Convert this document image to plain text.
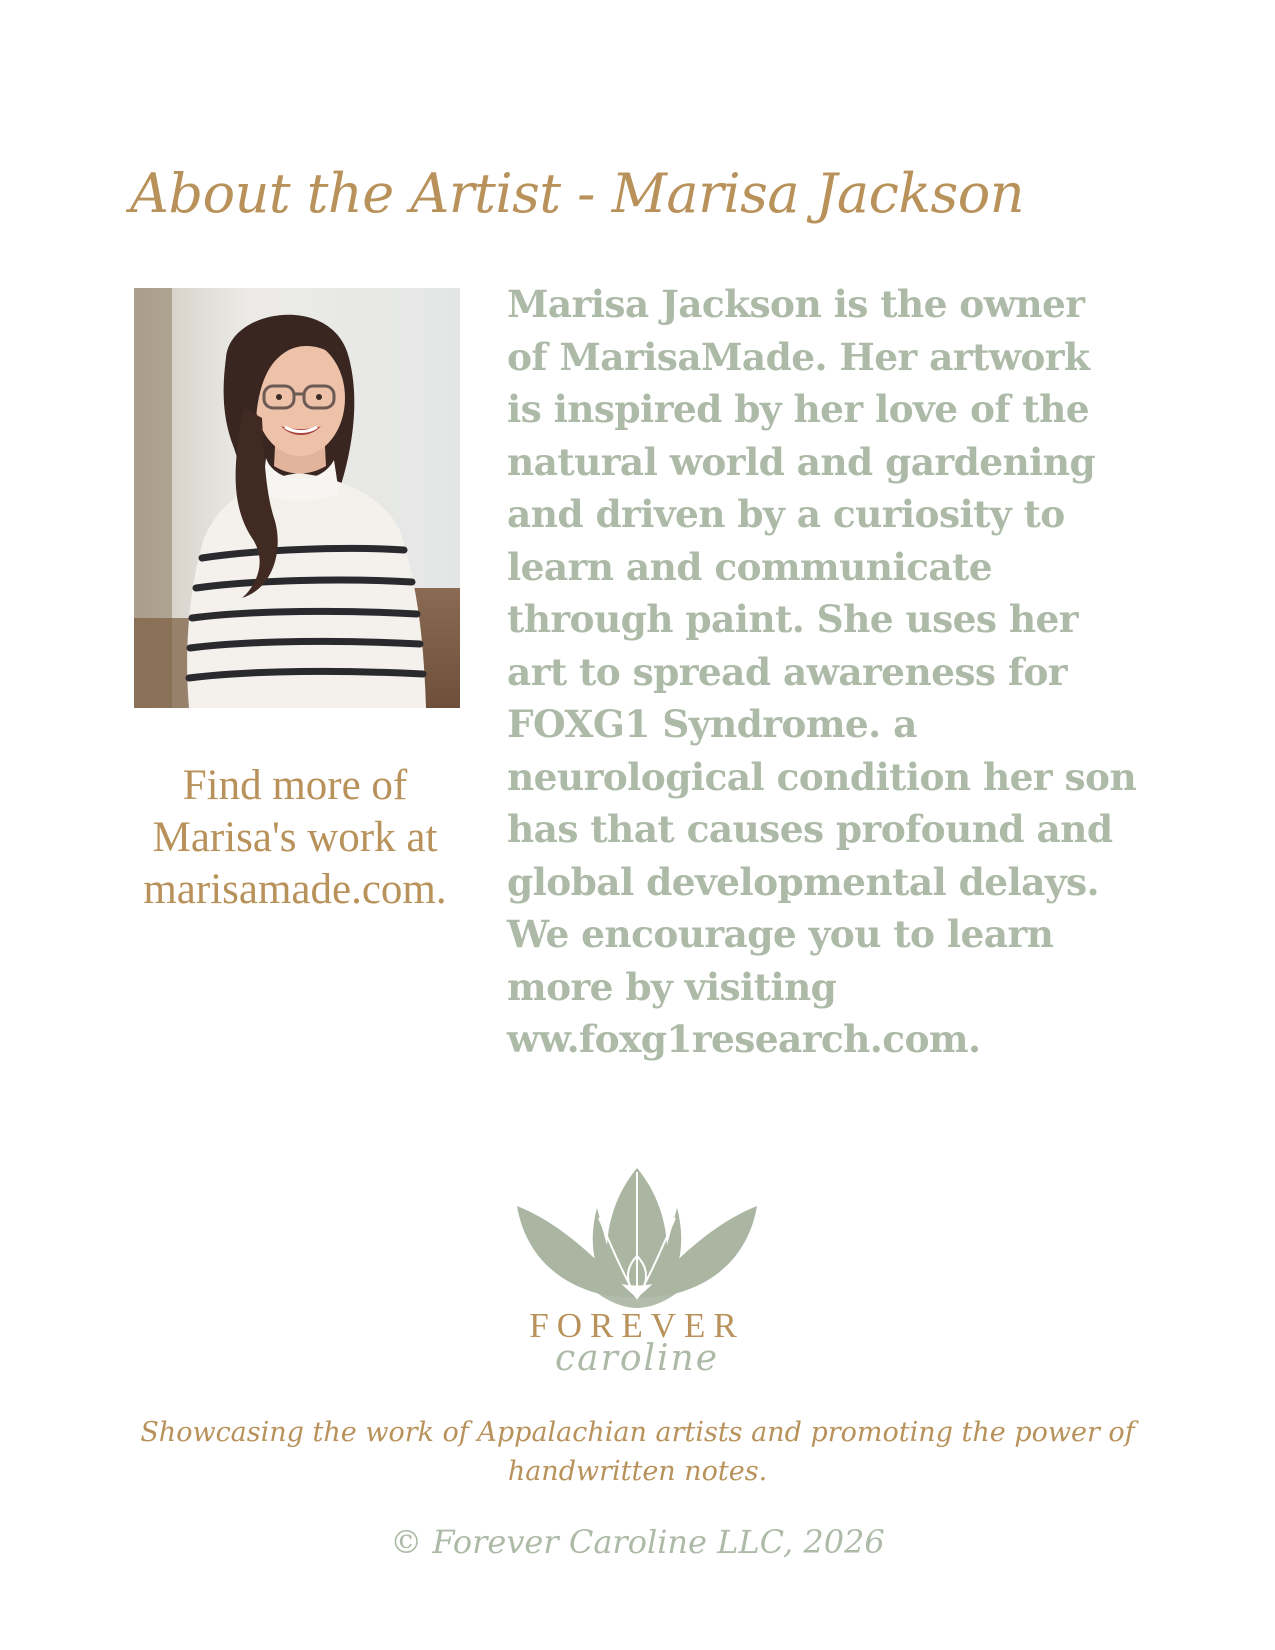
About the Artist - Marisa Jackson
Find more of Marisa's work at marisamade.com.

Marisa Jackson is the owner
of MarisaMade. Her artwork
is inspired by her love of the
natural world and gardening
and driven by a curiosity to
learn and communicate
through paint. She uses her
art to spread awareness for
FOXG1 Syndrome. a
neurological condition her son
has that causes profound and
global developmental delays.
We encourage you to learn
more by visiting
ww.foxg1research.com.

FOREVER
caroline
Showcasing the work of Appalachian artists and promoting the power of handwritten notes.
© Forever Caroline LLC, 2026
